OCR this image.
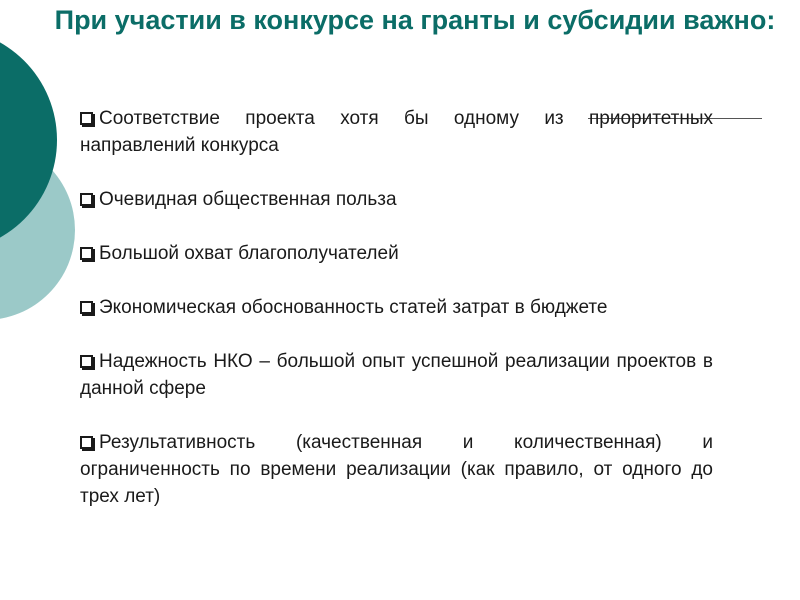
При участии в конкурсе на гранты и субсидии важно:
Соответствие проекта хотя бы одному из приоритетных направлений конкурса
Очевидная общественная польза
Большой охват благополучателей
Экономическая обоснованность статей затрат в бюджете
Надежность НКО – большой опыт успешной реализации проектов в данной сфере
Результативность (качественная и количественная) и ограниченность по времени реализации (как правило, от одного до трех лет)
